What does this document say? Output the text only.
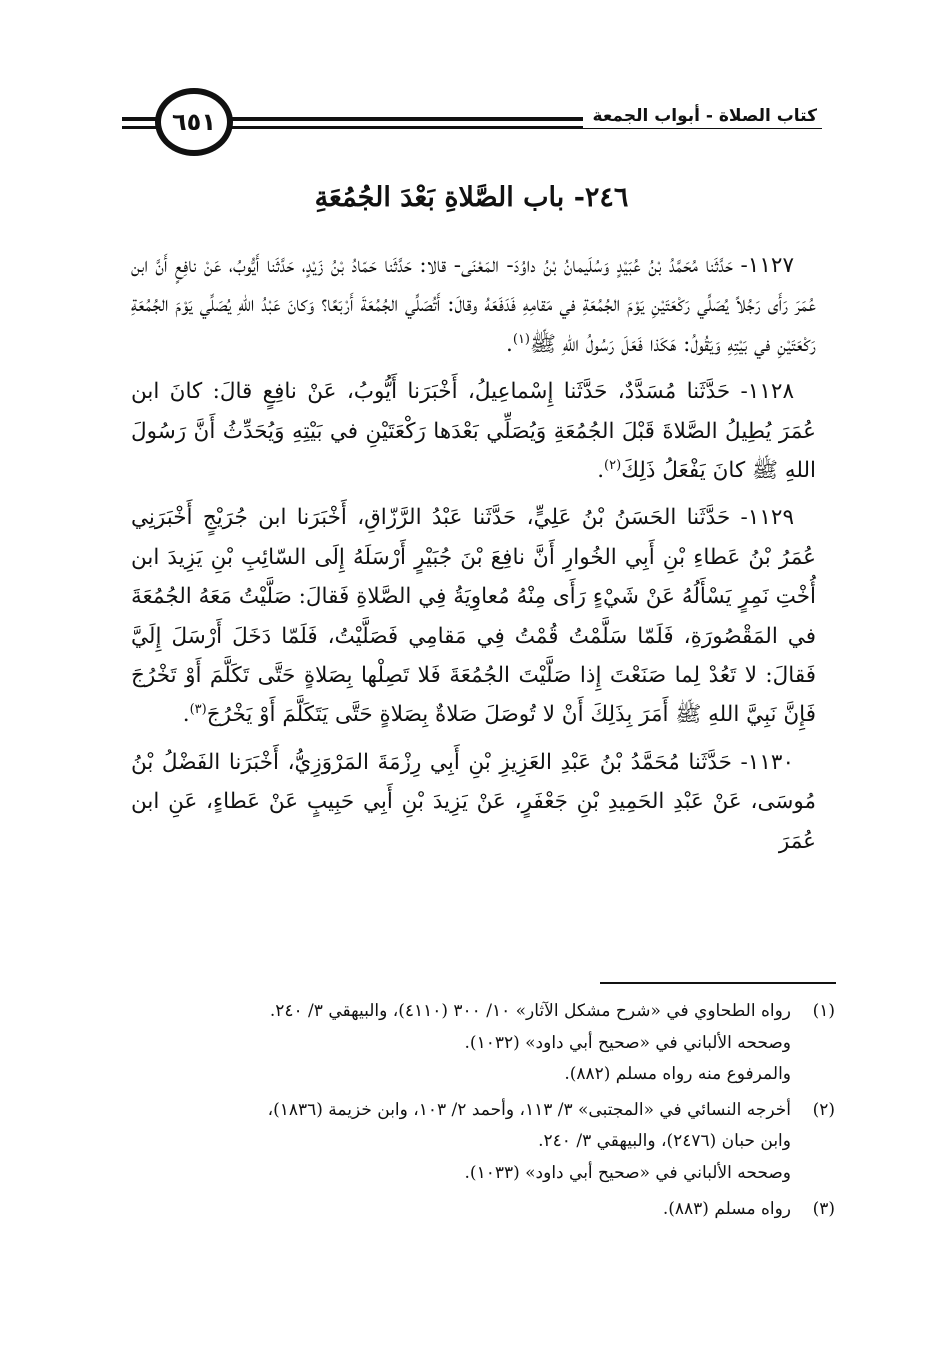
كتاب الصلاة - أبواب الجمعة
٦٥١
٢٤٦- باب الصَّلاةِ بَعْدَ الجُمُعَةِ

١١٢٧- حَدَّثَنا مُحَمَّدُ بْنُ عُبَيْدٍ وَسُلَيمانُ بْنُ داوُدَ- المَعْنَى- قالا: حَدَّثَنا حَمّادُ بْنُ زَيْدٍ، حَدَّثَنا أَيُّوبُ، عَنْ نافِعٍ أَنَّ ابن عُمَرَ رَأَى رَجُلاً يُصَلِّي رَكْعَتَيْنِ يَوْمَ الجُمُعَةِ في مَقامِهِ فَدَفَعَهُ وقالَ: أَتُصَلِّي الجُمُعَةَ أَرْبَعًا؟ وَكانَ عَبْدُ اللهِ يُصَلِّي يَوْمَ الجُمُعَةِ رَكْعَتَيْنِ في بَيْتِهِ وَيَقُولُ: هَكَذا فَعَلَ رَسُولُ اللهِ ﷺ$^{(١)}$.

١١٢٨- حَدَّثَنا مُسَدَّدٌ، حَدَّثَنا إِسْماعِيلُ، أَخْبَرَنا أَيُّوبُ، عَنْ نافِعٍ قالَ: كانَ ابن عُمَرَ يُطِيلُ الصَّلاةَ قَبْلَ الجُمُعَةِ وَيُصَلِّي بَعْدَها رَكْعَتَيْنِ في بَيْتِهِ وَيُحَدِّثُ أَنَّ رَسُولَ اللهِ ﷺ كانَ يَفْعَلُ ذَلِكَ$^{(٢)}$.

١١٢٩- حَدَّثَنا الحَسَنُ بْنُ عَلِيٍّ، حَدَّثَنا عَبْدُ الرَّزّاقِ، أَخْبَرَنا ابن جُرَيْجٍ أَخْبَرَنِي عُمَرُ بْنُ عَطاءِ بْنِ أَبِي الخُوارِ أَنَّ نافِعَ بْنَ جُبَيْرٍ أَرْسَلَهُ إِلَى السّائِبِ بْنِ يَزِيدَ ابن أُخْتِ نَمِرٍ يَسْأَلُهُ عَنْ شَيْءٍ رَأَى مِنْهُ مُعاوِيَةُ فِي الصَّلاةِ فَقالَ: صَلَّيْتُ مَعَهُ الجُمُعَةَ في المَقْصُورَةِ، فَلَمّا سَلَّمْتُ قُمْتُ فِي مَقامِي فَصَلَّيْتُ، فَلَمّا دَخَلَ أَرْسَلَ إِلَيَّ فَقالَ: لا تَعُدْ لِما صَنَعْتَ إِذا صَلَّيْتَ الجُمُعَةَ فَلا تَصِلْها بِصَلاةٍ حَتَّى تَكَلَّمَ أَوْ تَخْرُجَ فَإِنَّ نَبِيَّ اللهِ ﷺ أَمَرَ بِذَلِكَ أَنْ لا تُوصَلَ صَلاةٌ بِصَلاةٍ حَتَّى يَتَكَلَّمَ أَوْ يَخْرُجَ$^{(٣)}$.

١١٣٠- حَدَّثَنا مُحَمَّدُ بْنُ عَبْدِ العَزِيزِ بْنِ أَبِي رِزْمَةَ المَرْوَزِيُّ، أَخْبَرَنا الفَضْلُ بْنُ مُوسَى، عَنْ عَبْدِ الحَمِيدِ بْنِ جَعْفَرٍ، عَنْ يَزِيدَ بْنِ أَبِي حَبِيبٍ عَنْ عَطاءٍ، عَنِ ابن عُمَرَ

(١)
رواه الطحاوي في «شرح مشكل الآثار» ١٠/ ٣٠٠ (٤١١٠)، والبيهقي ٣/ ٢٤٠.
وصححه الألباني في «صحيح أبي داود» (١٠٣٢).
والمرفوع منه رواه مسلم (٨٨٢).
(٢)
أخرجه النسائي في «المجتبى» ٣/ ١١٣، وأحمد ٢/ ١٠٣، وابن خزيمة (١٨٣٦)،
وابن حبان (٢٤٧٦)، والبيهقي ٣/ ٢٤٠.
وصححه الألباني في «صحيح أبي داود» (١٠٣٣).
(٣)
رواه مسلم (٨٨٣).
